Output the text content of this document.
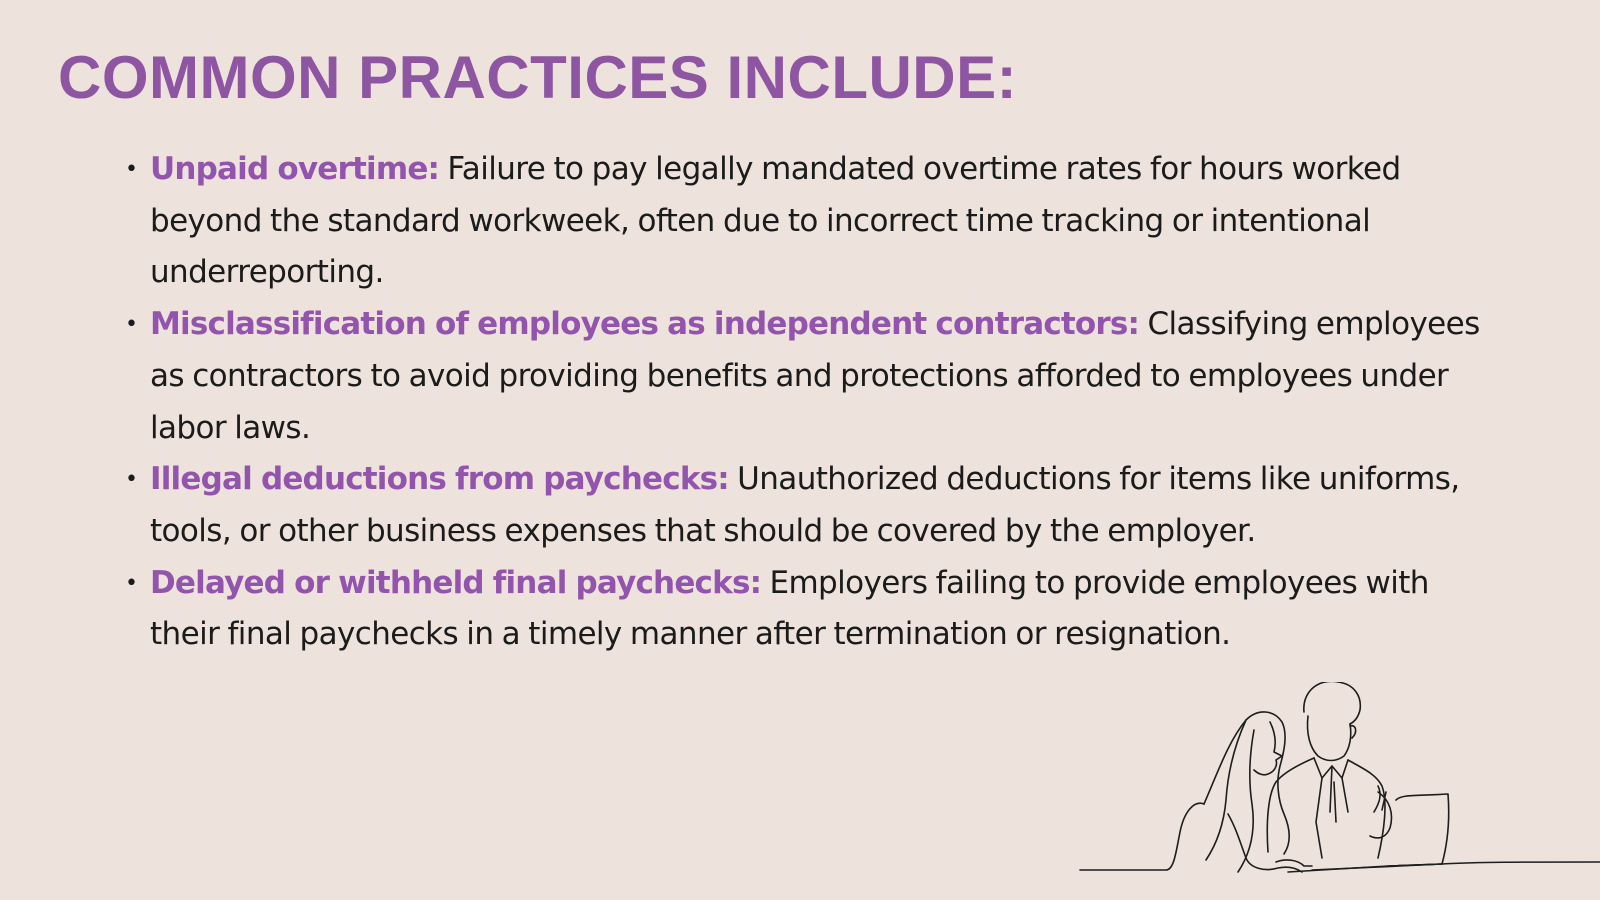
COMMON PRACTICES INCLUDE:
• Unpaid overtime: Failure to pay legally mandated overtime rates for hours worked beyond the standard workweek, often due to incorrect time tracking or intentional underreporting.
• Misclassification of employees as independent contractors: Classifying employees as contractors to avoid providing benefits and protections afforded to employees under labor laws.
• Illegal deductions from paychecks: Unauthorized deductions for items like uniforms, tools, or other business expenses that should be covered by the employer.
• Delayed or withheld final paychecks: Employers failing to provide employees with their final paychecks in a timely manner after termination or resignation.
